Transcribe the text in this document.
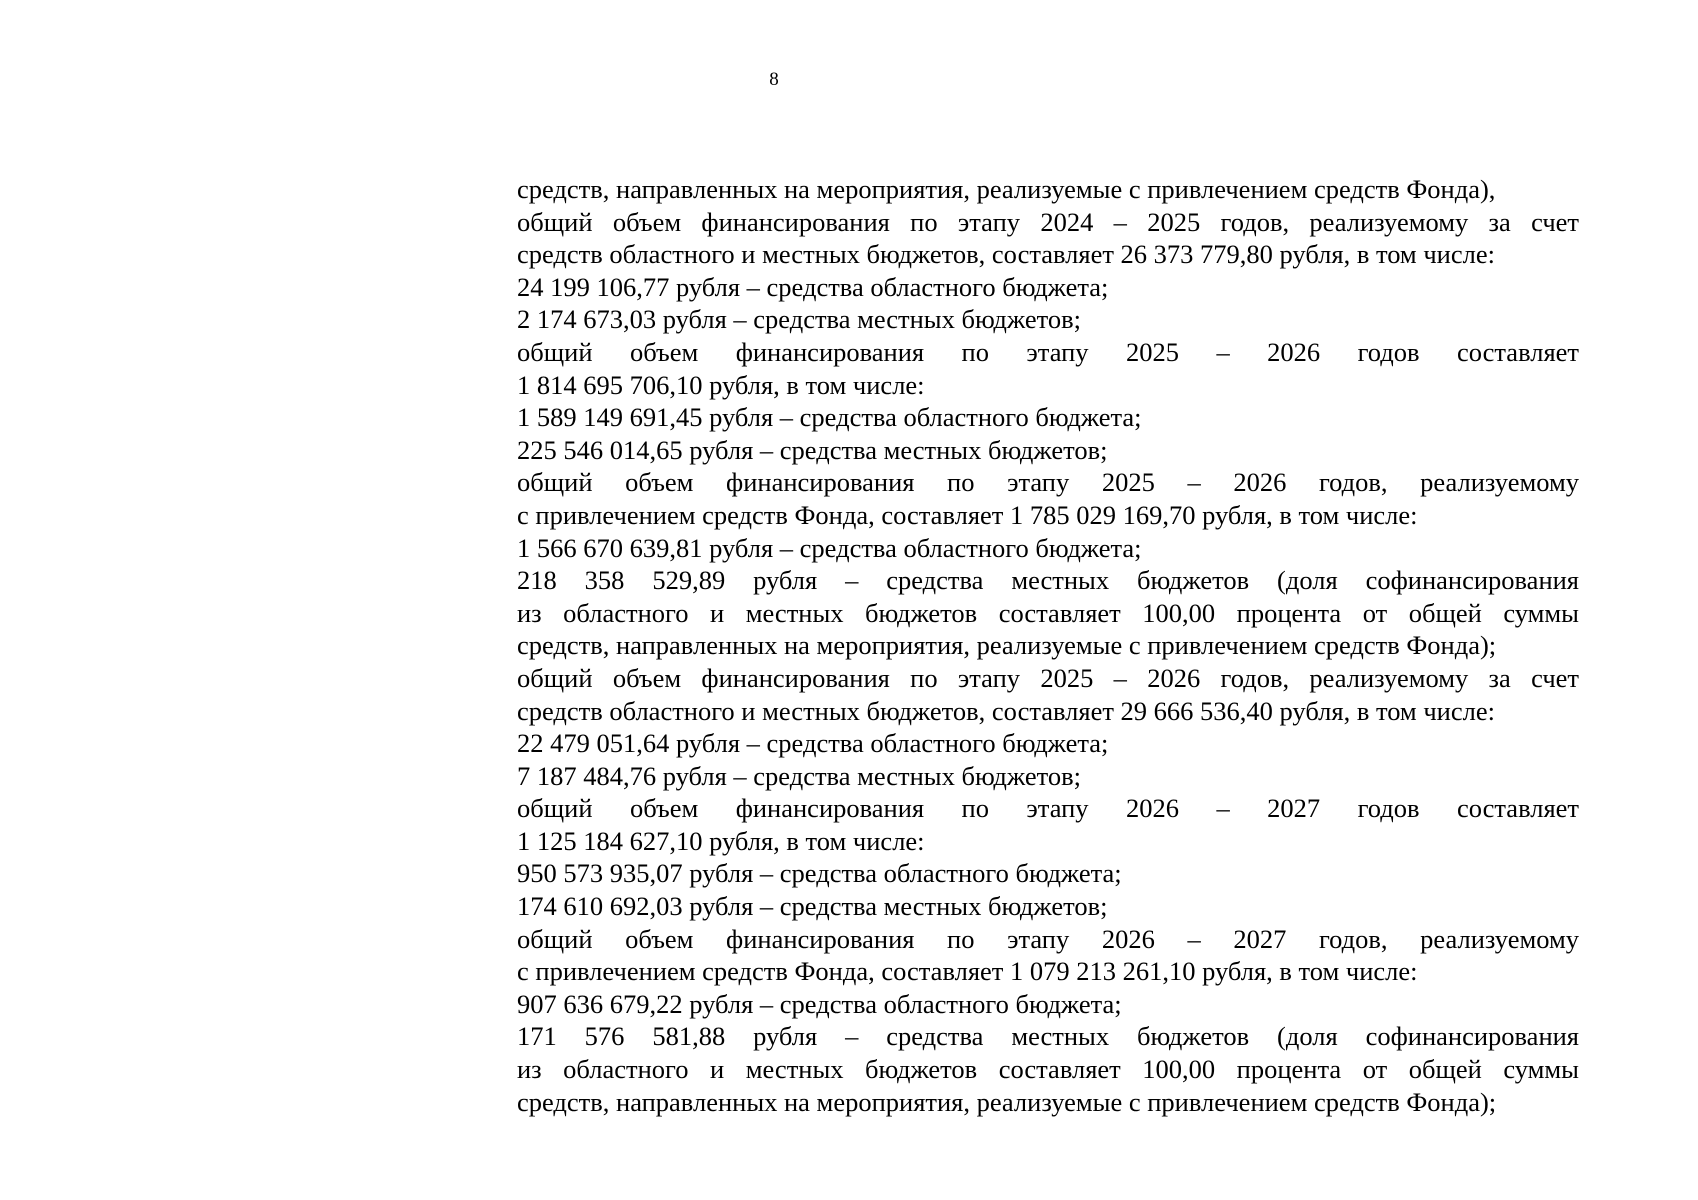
8
средств, направленных на мероприятия, реализуемые с привлечением средств Фонда),
общий объем финансирования по этапу 2024 – 2025 годов, реализуемому за счет
средств областного и местных бюджетов, составляет 26 373 779,80 рубля, в том числе:
24 199 106,77 рубля – средства областного бюджета;
2 174 673,03 рубля – средства местных бюджетов;
общий объем финансирования по этапу 2025 – 2026 годов составляет
1 814 695 706,10 рубля, в том числе:
1 589 149 691,45 рубля – средства областного бюджета;
225 546 014,65 рубля – средства местных бюджетов;
общий объем финансирования по этапу 2025 – 2026 годов, реализуемому
с привлечением средств Фонда, составляет 1 785 029 169,70 рубля, в том числе:
1 566 670 639,81 рубля – средства областного бюджета;
218 358 529,89 рубля – средства местных бюджетов (доля софинансирования
из областного и местных бюджетов составляет 100,00 процента от общей суммы
средств, направленных на мероприятия, реализуемые с привлечением средств Фонда);
общий объем финансирования по этапу 2025 – 2026 годов, реализуемому за счет
средств областного и местных бюджетов, составляет 29 666 536,40 рубля, в том числе:
22 479 051,64 рубля – средства областного бюджета;
7 187 484,76 рубля – средства местных бюджетов;
общий объем финансирования по этапу 2026 – 2027 годов составляет
1 125 184 627,10 рубля, в том числе:
950 573 935,07 рубля – средства областного бюджета;
174 610 692,03 рубля – средства местных бюджетов;
общий объем финансирования по этапу 2026 – 2027 годов, реализуемому
с привлечением средств Фонда, составляет 1 079 213 261,10 рубля, в том числе:
907 636 679,22 рубля – средства областного бюджета;
171 576 581,88 рубля – средства местных бюджетов (доля софинансирования
из областного и местных бюджетов составляет 100,00 процента от общей суммы
средств, направленных на мероприятия, реализуемые с привлечением средств Фонда);
